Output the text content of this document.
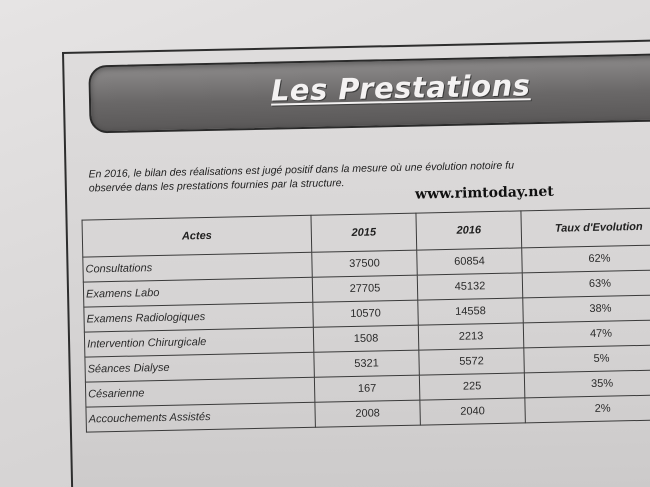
Les Prestations
En 2016, le bilan des réalisations est jugé positif dans la mesure où une évolution notoire fu
observée dans les prestations fournies par la structure.	www.rimtoday.net
Actes	2015	2016	Taux d'Evolution
Consultations	37500	60854	62%
Examens Labo	27705	45132	63%
Examens Radiologiques	10570	14558	38%
Intervention Chirurgicale	1508	2213	47%
Séances Dialyse	5321	5572	5%
Césarienne	167	225	35%
Accouchements Assistés	2008	2040	2%
